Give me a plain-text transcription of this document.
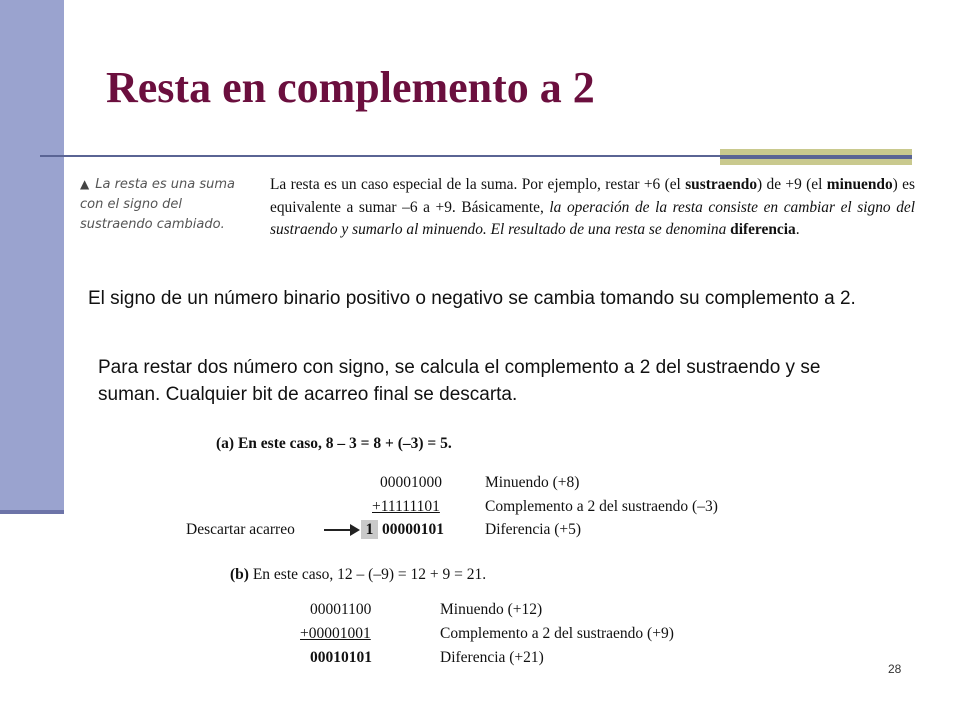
Resta en complemento a 2
▲ La resta es una suma con el signo del sustraendo cambiado.
La resta es un caso especial de la suma. Por ejemplo, restar +6 (el sustraendo) de +9 (el minuendo) es equivalente a sumar –6 a +9. Básicamente, la operación de la resta consiste en cambiar el signo del sustraendo y sumarlo al minuendo. El resultado de una resta se denomina diferencia.
El signo de un número binario positivo o negativo se cambia tomando su complemento a 2.
Para restar dos número con signo, se calcula el complemento a 2 del sustraendo y se suman. Cualquier bit de acarreo final se descarta.
(a) En este caso, 8 – 3 = 8 + (–3) = 5.
00001000	Minuendo (+8)
+11111101	Complemento a 2 del sustraendo (–3)
Descartar acarreo	1 00000101	Diferencia (+5)
(b) En este caso, 12 – (–9) = 12 + 9 = 21.
00001100	Minuendo (+12)
+00001001	Complemento a 2 del sustraendo (+9)
00010101	Diferencia (+21)
28
